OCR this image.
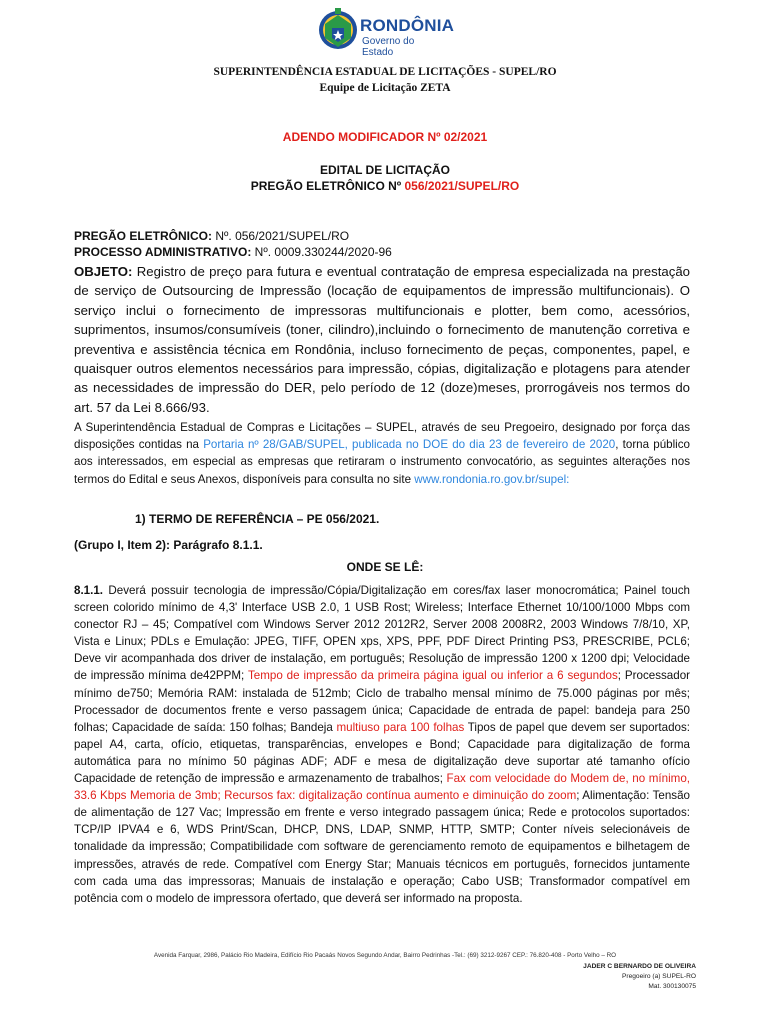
RONDÔNIA
Governo do Estado
SUPERINTENDÊNCIA ESTADUAL DE LICITAÇÕES - SUPEL/RO
Equipe de Licitação ZETA
ADENDO MODIFICADOR Nº 02/2021
EDITAL DE LICITAÇÃO
PREGÃO ELETRÔNICO Nº 056/2021/SUPEL/RO
PREGÃO ELETRÔNICO: Nº. 056/2021/SUPEL/RO
PROCESSO ADMINISTRATIVO: Nº. 0009.330244/2020-96
OBJETO: Registro de preço para futura e eventual contratação de empresa especializada na prestação de serviço de Outsourcing de Impressão (locação de equipamentos de impressão multifuncionais). O serviço inclui o fornecimento de impressoras multifuncionais e plotter, bem como, acessórios, suprimentos, insumos/consumíveis (toner, cilindro),incluindo o fornecimento de manutenção corretiva e preventiva e assistência técnica em Rondônia, incluso fornecimento de peças, componentes, papel, e quaisquer outros elementos necessários para impressão, cópias, digitalização e plotagens para atender as necessidades de impressão do DER, pelo período de 12 (doze)meses, prorrogáveis nos termos do art. 57 da Lei 8.666/93.
A Superintendência Estadual de Compras e Licitações – SUPEL, através de seu Pregoeiro, designado por força das disposições contidas na Portaria nº 28/GAB/SUPEL, publicada no DOE do dia 23 de fevereiro de 2020, torna público aos interessados, em especial as empresas que retiraram o instrumento convocatório, as seguintes alterações nos termos do Edital e seus Anexos, disponíveis para consulta no site www.rondonia.ro.gov.br/supel:
1) TERMO DE REFERÊNCIA – PE 056/2021.
(Grupo I, Item 2): Parágrafo 8.1.1.
ONDE SE LÊ:
8.1.1. Deverá possuir tecnologia de impressão/Cópia/Digitalização em cores/fax laser monocromática; Painel touch screen colorido mínimo de 4,3' Interface USB 2.0, 1 USB Rost; Wireless; Interface Ethernet 10/100/1000 Mbps com conector RJ – 45; Compatível com Windows Server 2012 2012R2, Server 2008 2008R2, 2003 Windows 7/8/10, XP, Vista e Linux; PDLs e Emulação: JPEG, TIFF, OPEN xps, XPS, PPF, PDF Direct Printing PS3, PRESCRIBE, PCL6; Deve vir acompanhada dos driver de instalação, em português; Resolução de impressão 1200 x 1200 dpi; Velocidade de impressão mínima de42PPM; Tempo de impressão da primeira página igual ou inferior a 6 segundos; Processador mínimo de750; Memória RAM: instalada de 512mb; Ciclo de trabalho mensal mínimo de 75.000 páginas por mês; Processador de documentos frente e verso passagem única; Capacidade de entrada de papel: bandeja para 250 folhas; Capacidade de saída: 150 folhas; Bandeja multiuso para 100 folhas Tipos de papel que devem ser suportados: papel A4, carta, ofício, etiquetas, transparências, envelopes e Bond; Capacidade para digitalização de forma automática para no mínimo 50 páginas ADF; ADF e mesa de digitalização deve suportar até tamanho ofício Capacidade de retenção de impressão e armazenamento de trabalhos; Fax com velocidade do Modem de, no mínimo, 33.6 Kbps Memoria de 3mb; Recursos fax: digitalização contínua aumento e diminuição do zoom; Alimentação: Tensão de alimentação de 127 Vac; Impressão em frente e verso integrado passagem única; Rede e protocolos suportados: TCP/IP IPVA4 e 6, WDS Print/Scan, DHCP, DNS, LDAP, SNMP, HTTP, SMTP; Conter níveis selecionáveis de tonalidade da impressão; Compatibilidade com software de gerenciamento remoto de equipamentos e bilhetagem de impressões, através de rede. Compatível com Energy Star; Manuais técnicos em português, fornecidos juntamente com cada uma das impressoras; Manuais de instalação e operação; Cabo USB; Transformador compatível em potência com o modelo de impressora ofertado, que deverá ser informado na proposta.
Avenida Farquar, 2986, Palácio Rio Madeira, Edifício Rio Pacaás Novos Segundo Andar, Bairro Pedrinhas -Tel.: (69) 3212-9267 CEP.: 76.820-408 - Porto Velho – RO
JADER C BERNARDO DE OLIVEIRA
Pregoeiro (a) SUPEL-RO
Mat. 300130075
